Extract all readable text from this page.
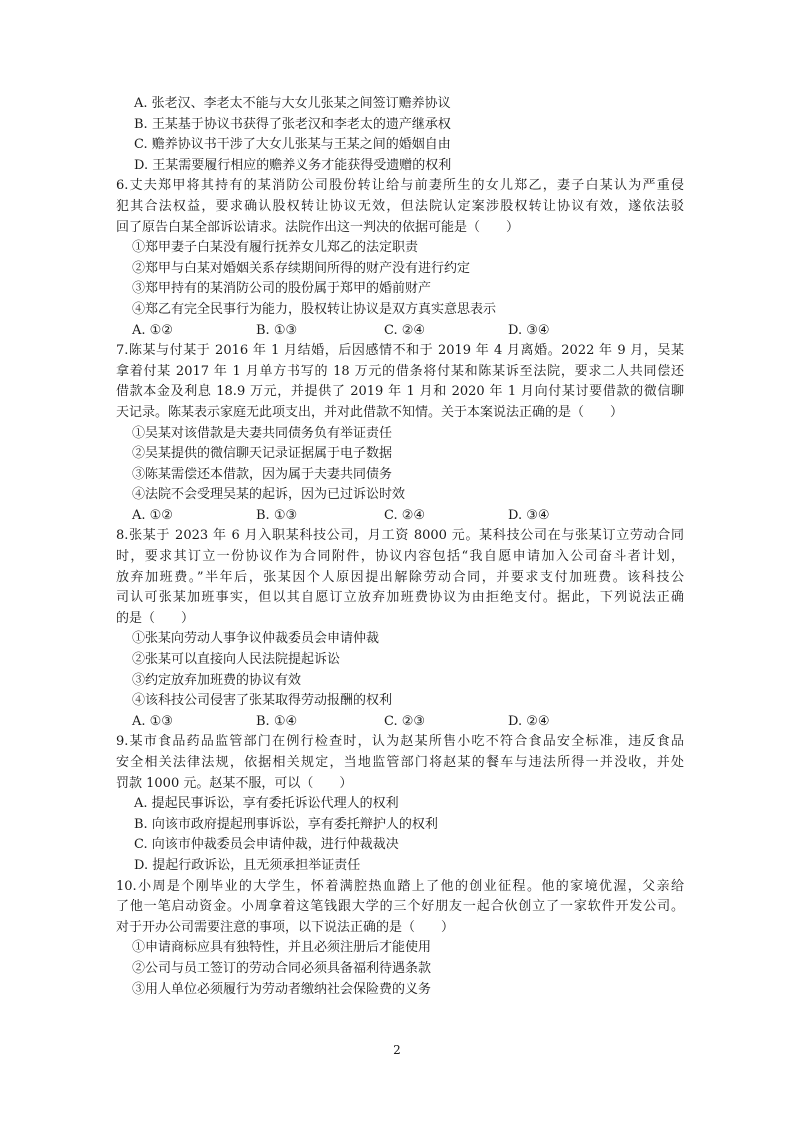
A. 张老汉、李老太不能与大女儿张某之间签订赡养协议
B. 王某基于协议书获得了张老汉和李老太的遗产继承权
C. 赡养协议书干涉了大女儿张某与王某之间的婚姻自由
D. 王某需要履行相应的赡养义务才能获得受遗赠的权利
6.丈夫郑甲将其持有的某消防公司股份转让给与前妻所生的女儿郑乙，妻子白某认为严重侵
犯其合法权益，要求确认股权转让协议无效，但法院认定案涉股权转让协议有效，遂依法驳
回了原告白某全部诉讼请求。法院作出这一判决的依据可能是（　　）
①郑甲妻子白某没有履行抚养女儿郑乙的法定职责
②郑甲与白某对婚姻关系存续期间所得的财产没有进行约定
③郑甲持有的某消防公司的股份属于郑甲的婚前财产
④郑乙有完全民事行为能力，股权转让协议是双方真实意思表示
A. ①②	B. ①③	C. ②④	D. ③④
7.陈某与付某于 2016 年 1 月结婚，后因感情不和于 2019 年 4 月离婚。2022 年 9 月，吴某
拿着付某 2017 年 1 月单方书写的 18 万元的借条将付某和陈某诉至法院，要求二人共同偿还
借款本金及利息 18.9 万元，并提供了 2019 年 1 月和 2020 年 1 月向付某讨要借款的微信聊
天记录。陈某表示家庭无此项支出，并对此借款不知情。关于本案说法正确的是（　　）
①吴某对该借款是夫妻共同债务负有举证责任
②吴某提供的微信聊天记录证据属于电子数据
③陈某需偿还本借款，因为属于夫妻共同债务
④法院不会受理吴某的起诉，因为已过诉讼时效
A. ①②	B. ①③	C. ②④	D. ③④
8.张某于 2023 年 6 月入职某科技公司，月工资 8000 元。某科技公司在与张某订立劳动合同
时，要求其订立一份协议作为合同附件，协议内容包括“我自愿申请加入公司奋斗者计划，
放弃加班费。”半年后，张某因个人原因提出解除劳动合同，并要求支付加班费。该科技公
司认可张某加班事实，但以其自愿订立放弃加班费协议为由拒绝支付。据此，下列说法正确
的是（　　）
①张某向劳动人事争议仲裁委员会申请仲裁
②张某可以直接向人民法院提起诉讼
③约定放弃加班费的协议有效
④该科技公司侵害了张某取得劳动报酬的权利
A. ①③	B. ①④	C. ②③	D. ②④
9.某市食品药品监管部门在例行检查时，认为赵某所售小吃不符合食品安全标准，违反食品
安全相关法律法规，依据相关规定，当地监管部门将赵某的餐车与违法所得一并没收，并处
罚款 1000 元。赵某不服，可以（　　）
A. 提起民事诉讼，享有委托诉讼代理人的权利
B. 向该市政府提起刑事诉讼，享有委托辩护人的权利
C. 向该市仲裁委员会申请仲裁，进行仲裁裁决
D. 提起行政诉讼，且无须承担举证责任
10.小周是个刚毕业的大学生，怀着满腔热血踏上了他的创业征程。他的家境优渥，父亲给
了他一笔启动资金。小周拿着这笔钱跟大学的三个好朋友一起合伙创立了一家软件开发公司。
对于开办公司需要注意的事项，以下说法正确的是（　　）
①申请商标应具有独特性，并且必须注册后才能使用
②公司与员工签订的劳动合同必须具备福利待遇条款
③用人单位必须履行为劳动者缴纳社会保险费的义务
2
